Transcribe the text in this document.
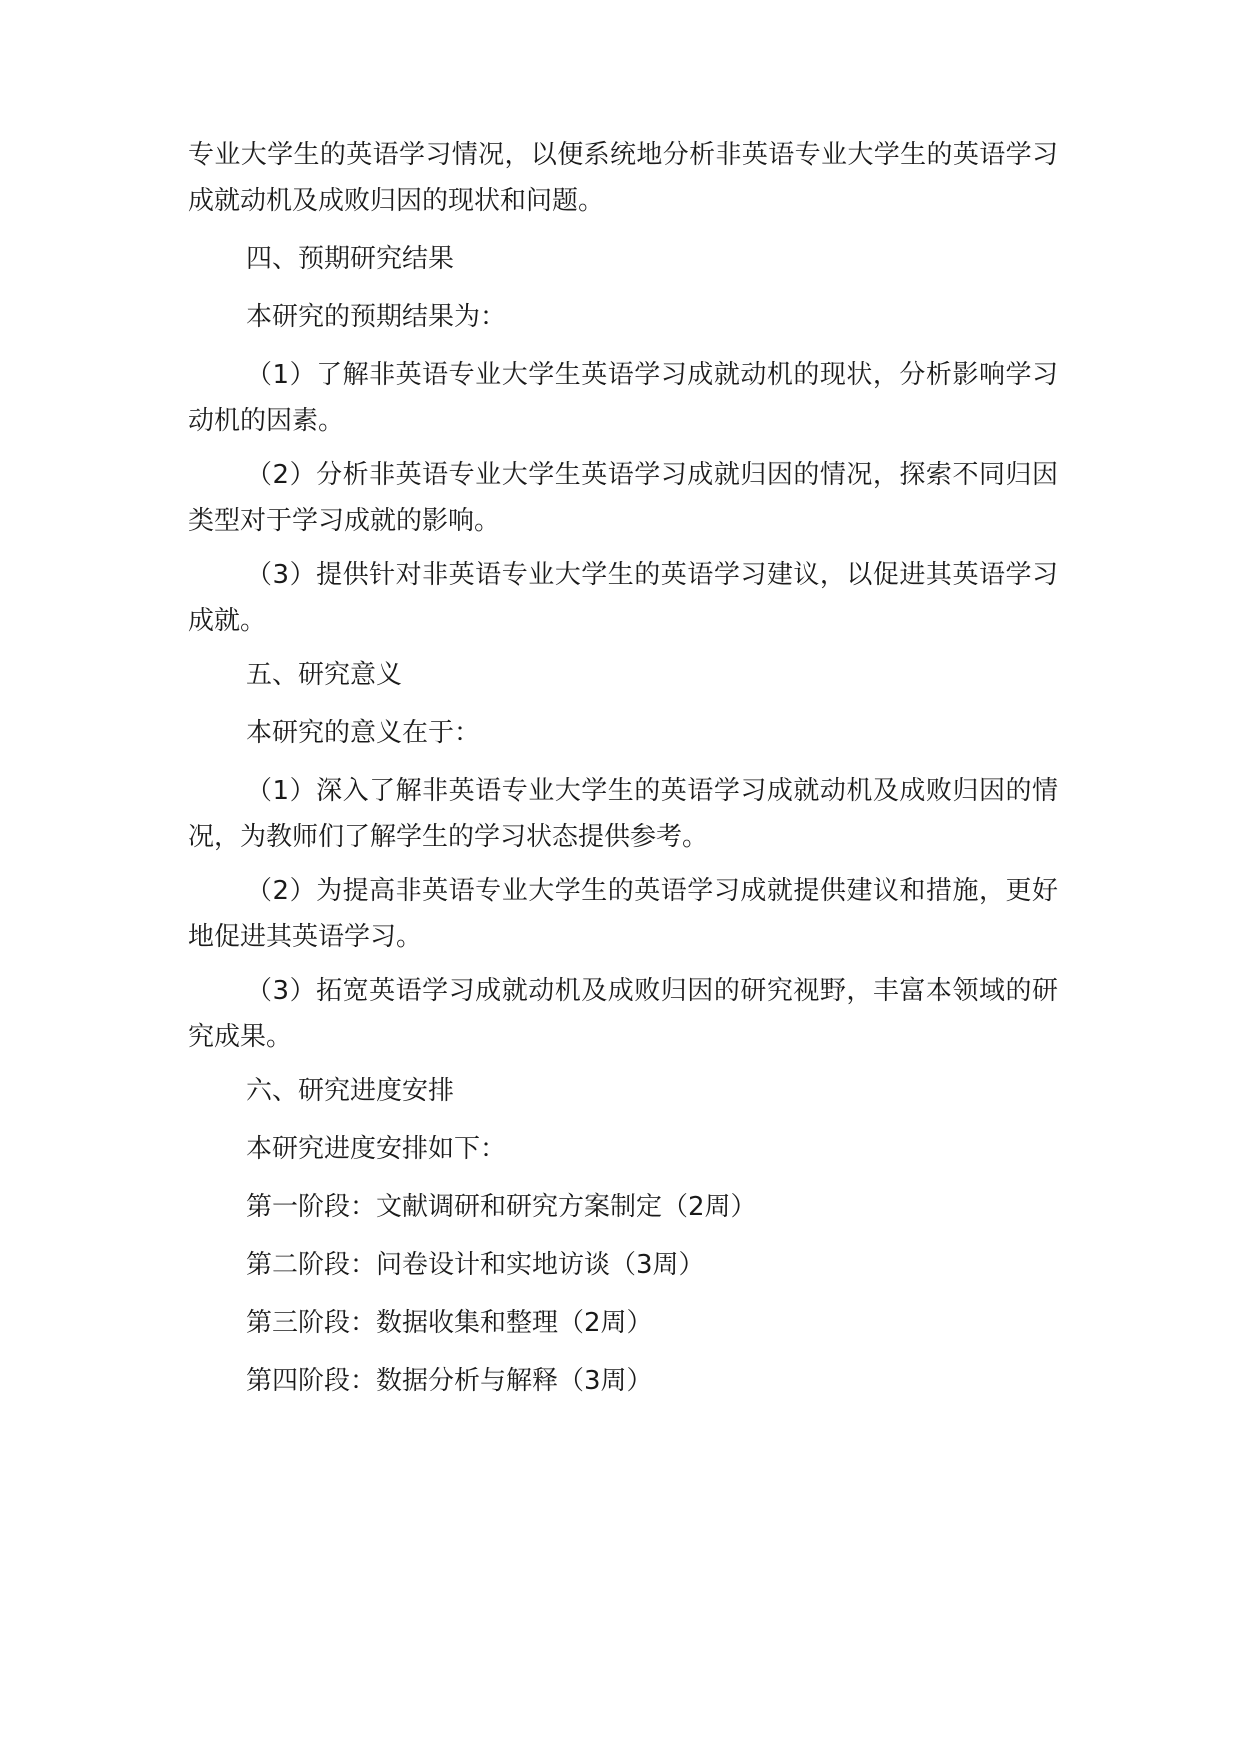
专业大学生的英语学习情况，以便系统地分析非英语专业大学生的英语学习成就动机及成败归因的现状和问题。

四、预期研究结果

本研究的预期结果为：

（1）了解非英语专业大学生英语学习成就动机的现状，分析影响学习动机的因素。

（2）分析非英语专业大学生英语学习成就归因的情况，探索不同归因类型对于学习成就的影响。

（3）提供针对非英语专业大学生的英语学习建议，以促进其英语学习成就。

五、研究意义

本研究的意义在于：

（1）深入了解非英语专业大学生的英语学习成就动机及成败归因的情况，为教师们了解学生的学习状态提供参考。

（2）为提高非英语专业大学生的英语学习成就提供建议和措施，更好地促进其英语学习。

（3）拓宽英语学习成就动机及成败归因的研究视野，丰富本领域的研究成果。

六、研究进度安排

本研究进度安排如下：

第一阶段：文献调研和研究方案制定（2周）

第二阶段：问卷设计和实地访谈（3周）

第三阶段：数据收集和整理（2周）

第四阶段：数据分析与解释（3周）
